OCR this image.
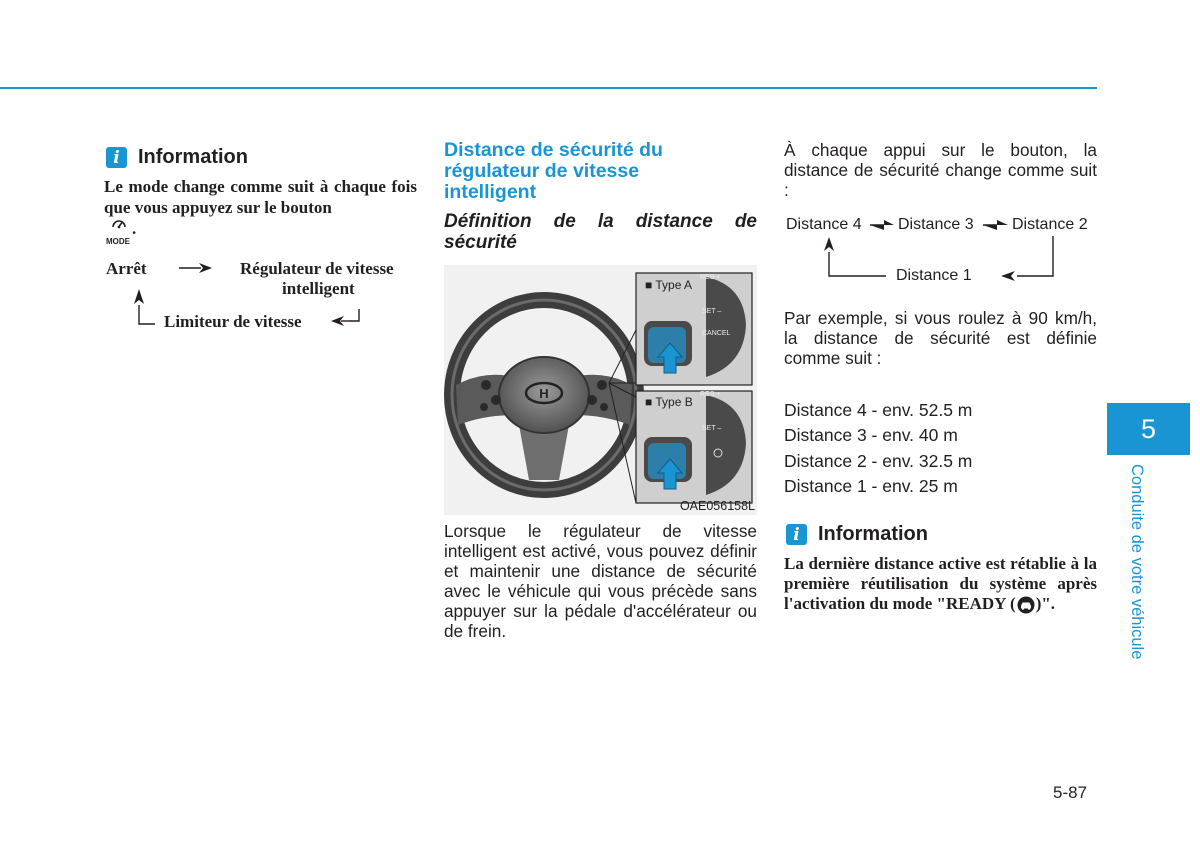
i Information
Le mode change comme suit à chaque fois que vous appuyez sur le bouton

MODE
.
Arrêt	Régulateur de vitesse
intelligent
Limiteur de vitesse
Distance de sécurité du
régulateur de vitesse
intelligent
Définition de la distance de
sécurité
H
■ Type A
RES +
SET –
CANCEL
■ Type B
RES +
SET –
OAE056158L
Lorsque le régulateur de vitesse intelligent est activé, vous pouvez définir et maintenir une distance de sécurité avec le véhicule qui vous précède sans appuyer sur la pédale d'accélérateur ou de frein.
À chaque appui sur le bouton, la distance de sécurité change comme suit :
Distance 4 Distance 3 Distance 2
Distance 1
Par exemple, si vous roulez à 90 km/h, la distance de sécurité est définie comme suit :
Distance 4 - env. 52.5 m
Distance 3 - env. 40 m
Distance 2 - env. 32.5 m
Distance 1 - env. 25 m
i Information
La dernière distance active est rétablie à la première réutilisation du système après l'activation du mode "READY ( )".
5
Conduite de votre véhicule
5-87
